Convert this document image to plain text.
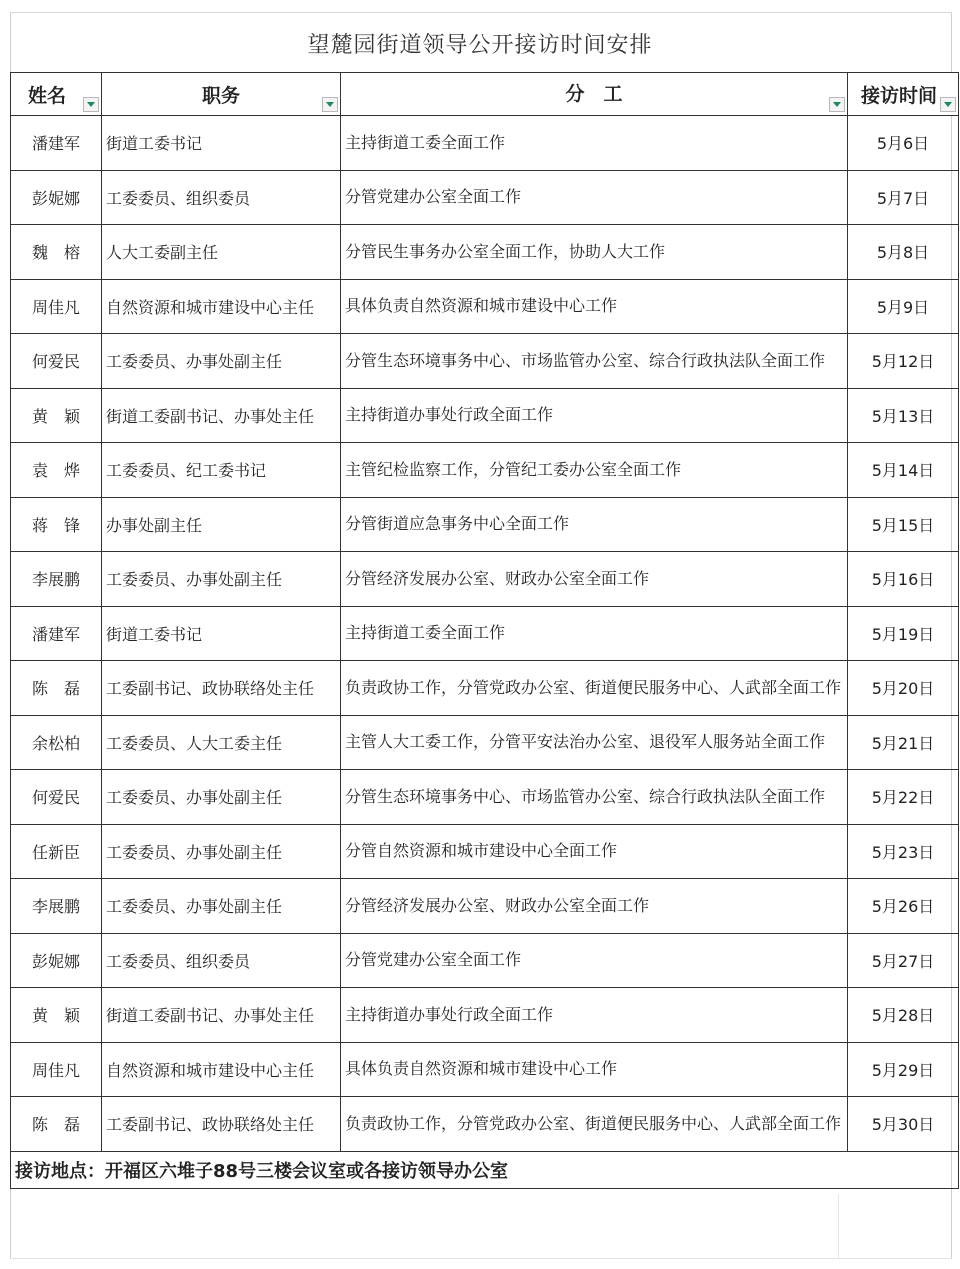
望麓园街道领导公开接访时间安排
姓名	职务	分　工	接访时间

潘建军	街道工委书记	主持街道工委全面工作	5月6日
彭妮娜	工委委员、组织委员	分管党建办公室全面工作	5月7日
魏　榕	人大工委副主任	分管民生事务办公室全面工作，协助人大工作	5月8日
周佳凡	自然资源和城市建设中心主任	具体负责自然资源和城市建设中心工作	5月9日
何爱民	工委委员、办事处副主任	分管生态环境事务中心、市场监管办公室、综合行政执法队全面工作	5月12日
黄　颖	街道工委副书记、办事处主任	主持街道办事处行政全面工作	5月13日
袁　烨	工委委员、纪工委书记	主管纪检监察工作，分管纪工委办公室全面工作	5月14日
蒋　锋	办事处副主任	分管街道应急事务中心全面工作	5月15日
李展鹏	工委委员、办事处副主任	分管经济发展办公室、财政办公室全面工作	5月16日
潘建军	街道工委书记	主持街道工委全面工作	5月19日
陈　磊	工委副书记、政协联络处主任	负责政协工作，分管党政办公室、街道便民服务中心、人武部全面工作	5月20日
余松柏	工委委员、人大工委主任	主管人大工委工作，分管平安法治办公室、退役军人服务站全面工作	5月21日
何爱民	工委委员、办事处副主任	分管生态环境事务中心、市场监管办公室、综合行政执法队全面工作	5月22日
任新臣	工委委员、办事处副主任	分管自然资源和城市建设中心全面工作	5月23日
李展鹏	工委委员、办事处副主任	分管经济发展办公室、财政办公室全面工作	5月26日
彭妮娜	工委委员、组织委员	分管党建办公室全面工作	5月27日
黄　颖	街道工委副书记、办事处主任	主持街道办事处行政全面工作	5月28日
周佳凡	自然资源和城市建设中心主任	具体负责自然资源和城市建设中心工作	5月29日
陈　磊	工委副书记、政协联络处主任	负责政协工作，分管党政办公室、街道便民服务中心、人武部全面工作	5月30日
接访地点：开福区六堆子88号三楼会议室或各接访领导办公室			
